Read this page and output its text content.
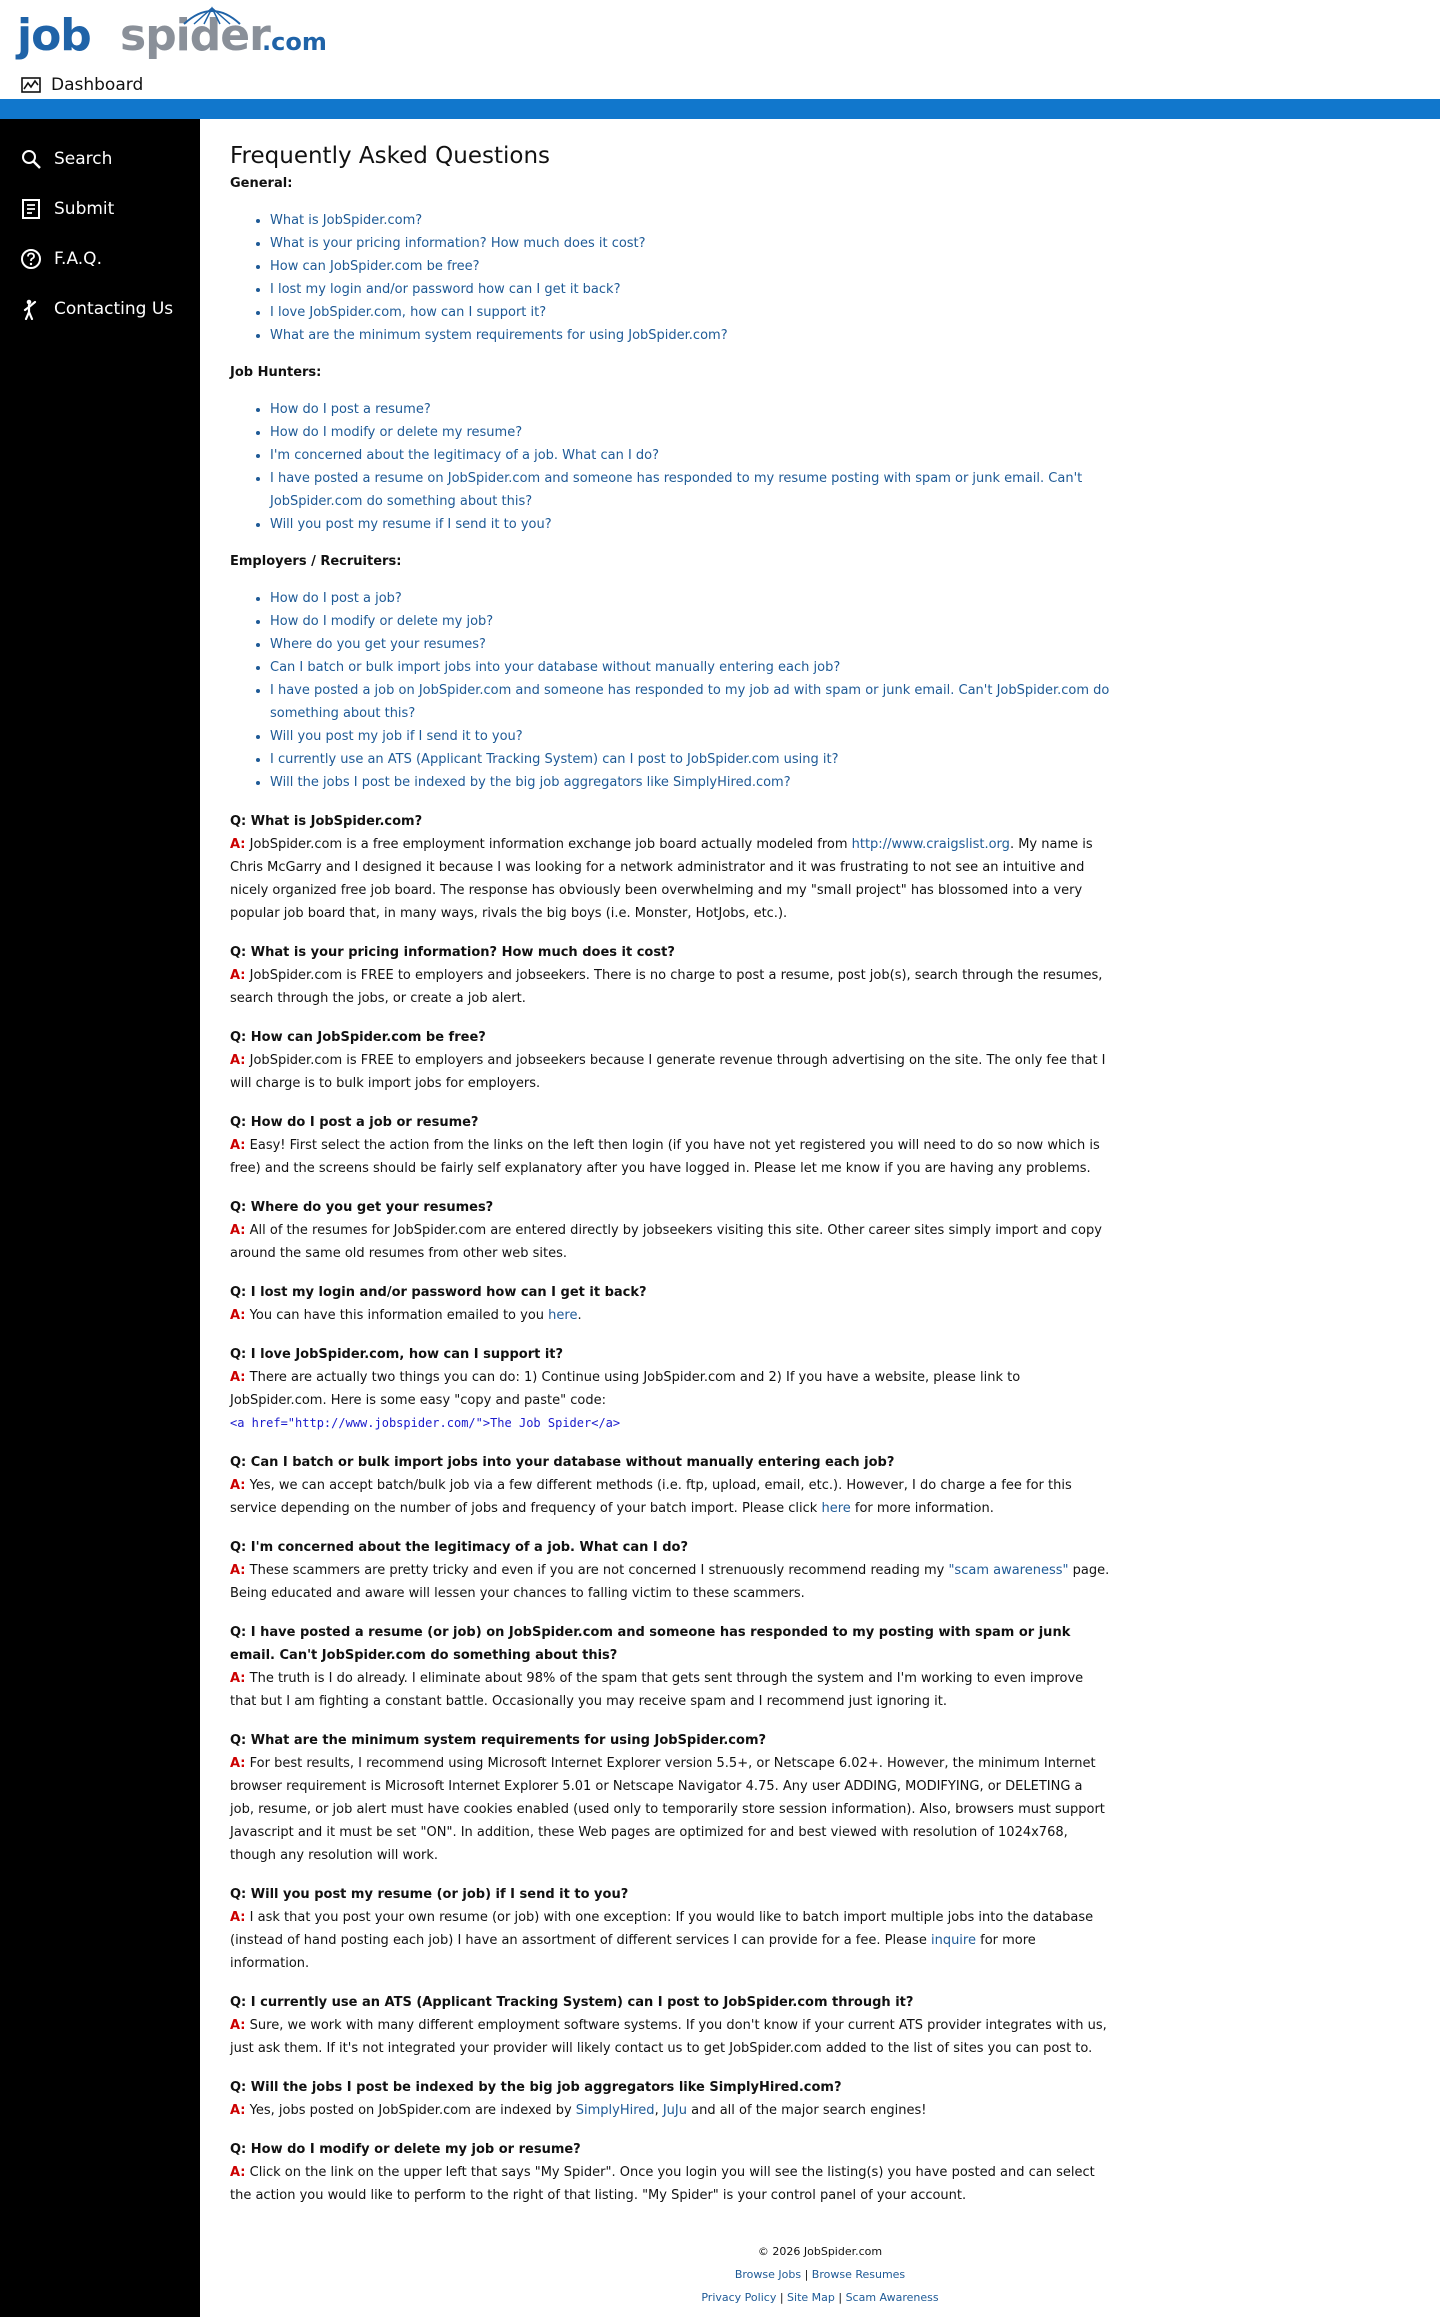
job spider
.com
Dashboard
Search
Submit
F.A.Q.
Contacting Us
Frequently Asked Questions

General:

• What is JobSpider.com?
• What is your pricing information? How much does it cost?
• How can JobSpider.com be free?
• I lost my login and/or password how can I get it back?
• I love JobSpider.com, how can I support it?
• What are the minimum system requirements for using JobSpider.com?

Job Hunters:

• How do I post a resume?
• How do I modify or delete my resume?
• I'm concerned about the legitimacy of a job. What can I do?
• I have posted a resume on JobSpider.com and someone has responded to my resume posting with spam or junk email. Can't JobSpider.com do something about this?
• Will you post my resume if I send it to you?

Employers / Recruiters:

• How do I post a job?
• How do I modify or delete my job?
• Where do you get your resumes?
• Can I batch or bulk import jobs into your database without manually entering each job?
• I have posted a job on JobSpider.com and someone has responded to my job ad with spam or junk email. Can't JobSpider.com do something about this?
• Will you post my job if I send it to you?
• I currently use an ATS (Applicant Tracking System) can I post to JobSpider.com using it?
• Will the jobs I post be indexed by the big job aggregators like SimplyHired.com?
Q: What is JobSpider.com?
A: JobSpider.com is a free employment information exchange job board actually modeled from http://www.craigslist.org. My name is Chris McGarry and I designed it because I was looking for a network administrator and it was frustrating to not see an intuitive and nicely organized free job board. The response has obviously been overwhelming and my "small project" has blossomed into a very popular job board that, in many ways, rivals the big boys (i.e. Monster, HotJobs, etc.).
Q: What is your pricing information? How much does it cost?
A: JobSpider.com is FREE to employers and jobseekers. There is no charge to post a resume, post job(s), search through the resumes, search through the jobs, or create a job alert.
Q: How can JobSpider.com be free?
A: JobSpider.com is FREE to employers and jobseekers because I generate revenue through advertising on the site. The only fee that I will charge is to bulk import jobs for employers.
Q: How do I post a job or resume?
A: Easy! First select the action from the links on the left then login (if you have not yet registered you will need to do so now which is free) and the screens should be fairly self explanatory after you have logged in. Please let me know if you are having any problems.
Q: Where do you get your resumes?
A: All of the resumes for JobSpider.com are entered directly by jobseekers visiting this site. Other career sites simply import and copy around the same old resumes from other web sites.
Q: I lost my login and/or password how can I get it back?
A: You can have this information emailed to you here.
Q: I love JobSpider.com, how can I support it?
A: There are actually two things you can do: 1) Continue using JobSpider.com and 2) If you have a website, please link to JobSpider.com. Here is some easy "copy and paste" code:
<a href="http://www.jobspider.com/">The Job Spider</a>
Q: Can I batch or bulk import jobs into your database without manually entering each job?
A: Yes, we can accept batch/bulk job via a few different methods (i.e. ftp, upload, email, etc.). However, I do charge a fee for this service depending on the number of jobs and frequency of your batch import. Please click here for more information.
Q: I'm concerned about the legitimacy of a job. What can I do?
A: These scammers are pretty tricky and even if you are not concerned I strenuously recommend reading my "scam awareness" page. Being educated and aware will lessen your chances to falling victim to these scammers.
Q: I have posted a resume (or job) on JobSpider.com and someone has responded to my posting with spam or junk email. Can't JobSpider.com do something about this?
A: The truth is I do already. I eliminate about 98% of the spam that gets sent through the system and I'm working to even improve that but I am fighting a constant battle. Occasionally you may receive spam and I recommend just ignoring it.
Q: What are the minimum system requirements for using JobSpider.com?
A: For best results, I recommend using Microsoft Internet Explorer version 5.5+, or Netscape 6.02+. However, the minimum Internet browser requirement is Microsoft Internet Explorer 5.01 or Netscape Navigator 4.75. Any user ADDING, MODIFYING, or DELETING a job, resume, or job alert must have cookies enabled (used only to temporarily store session information). Also, browsers must support Javascript and it must be set "ON". In addition, these Web pages are optimized for and best viewed with resolution of 1024x768, though any resolution will work.
Q: Will you post my resume (or job) if I send it to you?
A: I ask that you post your own resume (or job) with one exception: If you would like to batch import multiple jobs into the database (instead of hand posting each job) I have an assortment of different services I can provide for a fee. Please inquire for more information.
Q: I currently use an ATS (Applicant Tracking System) can I post to JobSpider.com through it?
A: Sure, we work with many different employment software systems. If you don't know if your current ATS provider integrates with us, just ask them. If it's not integrated your provider will likely contact us to get JobSpider.com added to the list of sites you can post to.
Q: Will the jobs I post be indexed by the big job aggregators like SimplyHired.com?
A: Yes, jobs posted on JobSpider.com are indexed by SimplyHired, JuJu and all of the major search engines!
Q: How do I modify or delete my job or resume?
A: Click on the link on the upper left that says "My Spider". Once you login you will see the listing(s) you have posted and can select the action you would like to perform to the right of that listing. "My Spider" is your control panel of your account.
© 2026 JobSpider.com
Browse Jobs | Browse Resumes
Privacy Policy | Site Map | Scam Awareness
